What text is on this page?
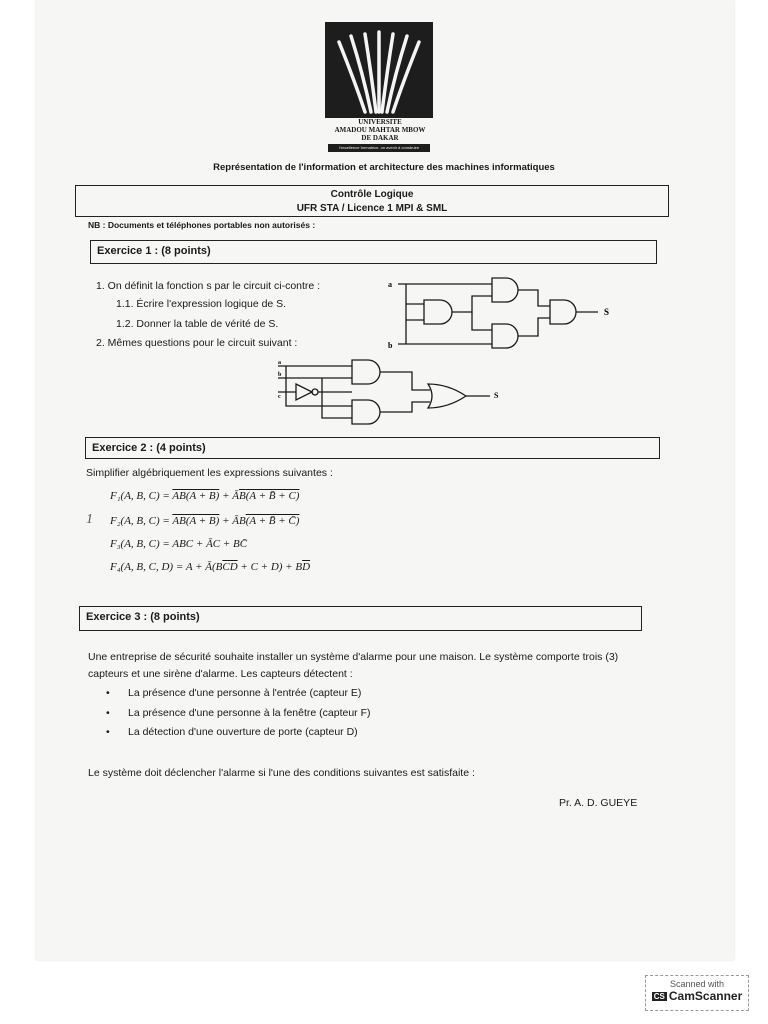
UNIVERSITE
AMADOU MAHTAR MBOW
DE DAKAR
l'excellence formatrice, un avenir à construire
Représentation de l'information et architecture des machines informatiques
Contrôle Logique
UFR STA / Licence 1 MPI & SML
NB : Documents et téléphones portables non autorisés :
Exercice 1 : (8 points)
1. On définit la fonction s par le circuit ci-contre :
1.1. Écrire l'expression logique de S.
1.2. Donner la table de vérité de S.
2. Mêmes questions pour le circuit suivant :
a
b
S
a
b
c	S
Exercice 2 : (4 points)
Simplifier algébriquement les expressions suivantes :
F₁(A, B, $C) = AB(A + B) + Ā\overline{B}(A$ + B̄ + C)
1 F₂(A, B, C) = AB(A + B) + ĀB(A + B̄ + C̄)
F₃(A, B, C) = ABC + ĀC + BC̄
F₄(A, B, C, $D) = A + Ā(B\overline{CD} + C + D) + B\overline{D}$
Exercice 3 : (8 points)
Une entreprise de sécurité souhaite installer un système d'alarme pour une maison. Le système comporte trois (3) capteurs et une sirène d'alarme. Les capteurs détectent :
La présence d'une personne à l'entrée (capteur E)
La présence d'une personne à la fenêtre (capteur F)
La détection d'une ouverture de porte (capteur D)
Le système doit déclencher l'alarme si l'une des conditions suivantes est satisfaite :
Pr. A. D. GUEYE
Scanned with
CS CamScanner
